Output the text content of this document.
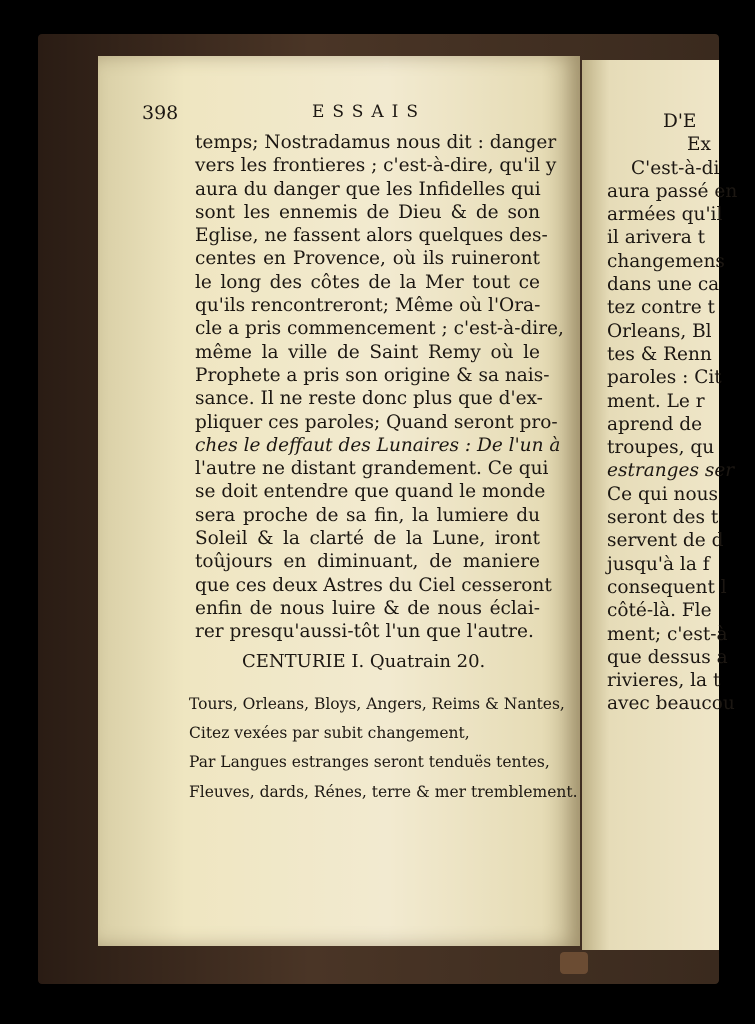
398	ESSAIS
temps; Nostradamus nous dit : danger
vers les frontieres ; c'est-à-dire, qu'il y
aura du danger que les Infidelles qui
sont les ennemis de Dieu & de son
Eglise, ne fassent alors quelques des-
centes en Provence, où ils ruineront
le long des côtes de la Mer tout ce
qu'ils rencontreront; Même où l'Ora-
cle a pris commencement ; c'est-à-dire,
même la ville de Saint Remy où le
Prophete a pris son origine & sa nais-
sance. Il ne reste donc plus que d'ex-
pliquer ces paroles; Quand seront pro-
ches le deffaut des Lunaires : De l'un à
l'autre ne distant grandement. Ce qui
se doit entendre que quand le monde
sera proche de sa fin, la lumiere du
Soleil & la clarté de la Lune, iront
toûjours en diminuant, de maniere
que ces deux Astres du Ciel cesseront
enfin de nous luire & de nous éclai-
rer presqu'aussi-tôt l'un que l'autre.
CENTURIE I. Quatrain 20.
Tours, Orleans, Bloys, Angers, Reims & Nantes,
Citez vexées par subit changement,
Par Langues estranges seront tenduës tentes,
Fleuves, dards, Rénes, terre & mer tremblement.
D'E
Ex
C'est-à-di
aura passé en
armées qu'il
il arivera t
changemens
dans une ca
tez contre t
Orleans, Bl
tes & Renn
paroles : Cit
ment. Le r
aprend de
troupes, qu
estranges ser
Ce qui nous
seront des t
servent de d
jusqu'à la f
consequent l
côté-là. Fle
ment; c'est-à
que dessus a
rivieres, la t
avec beaucou
